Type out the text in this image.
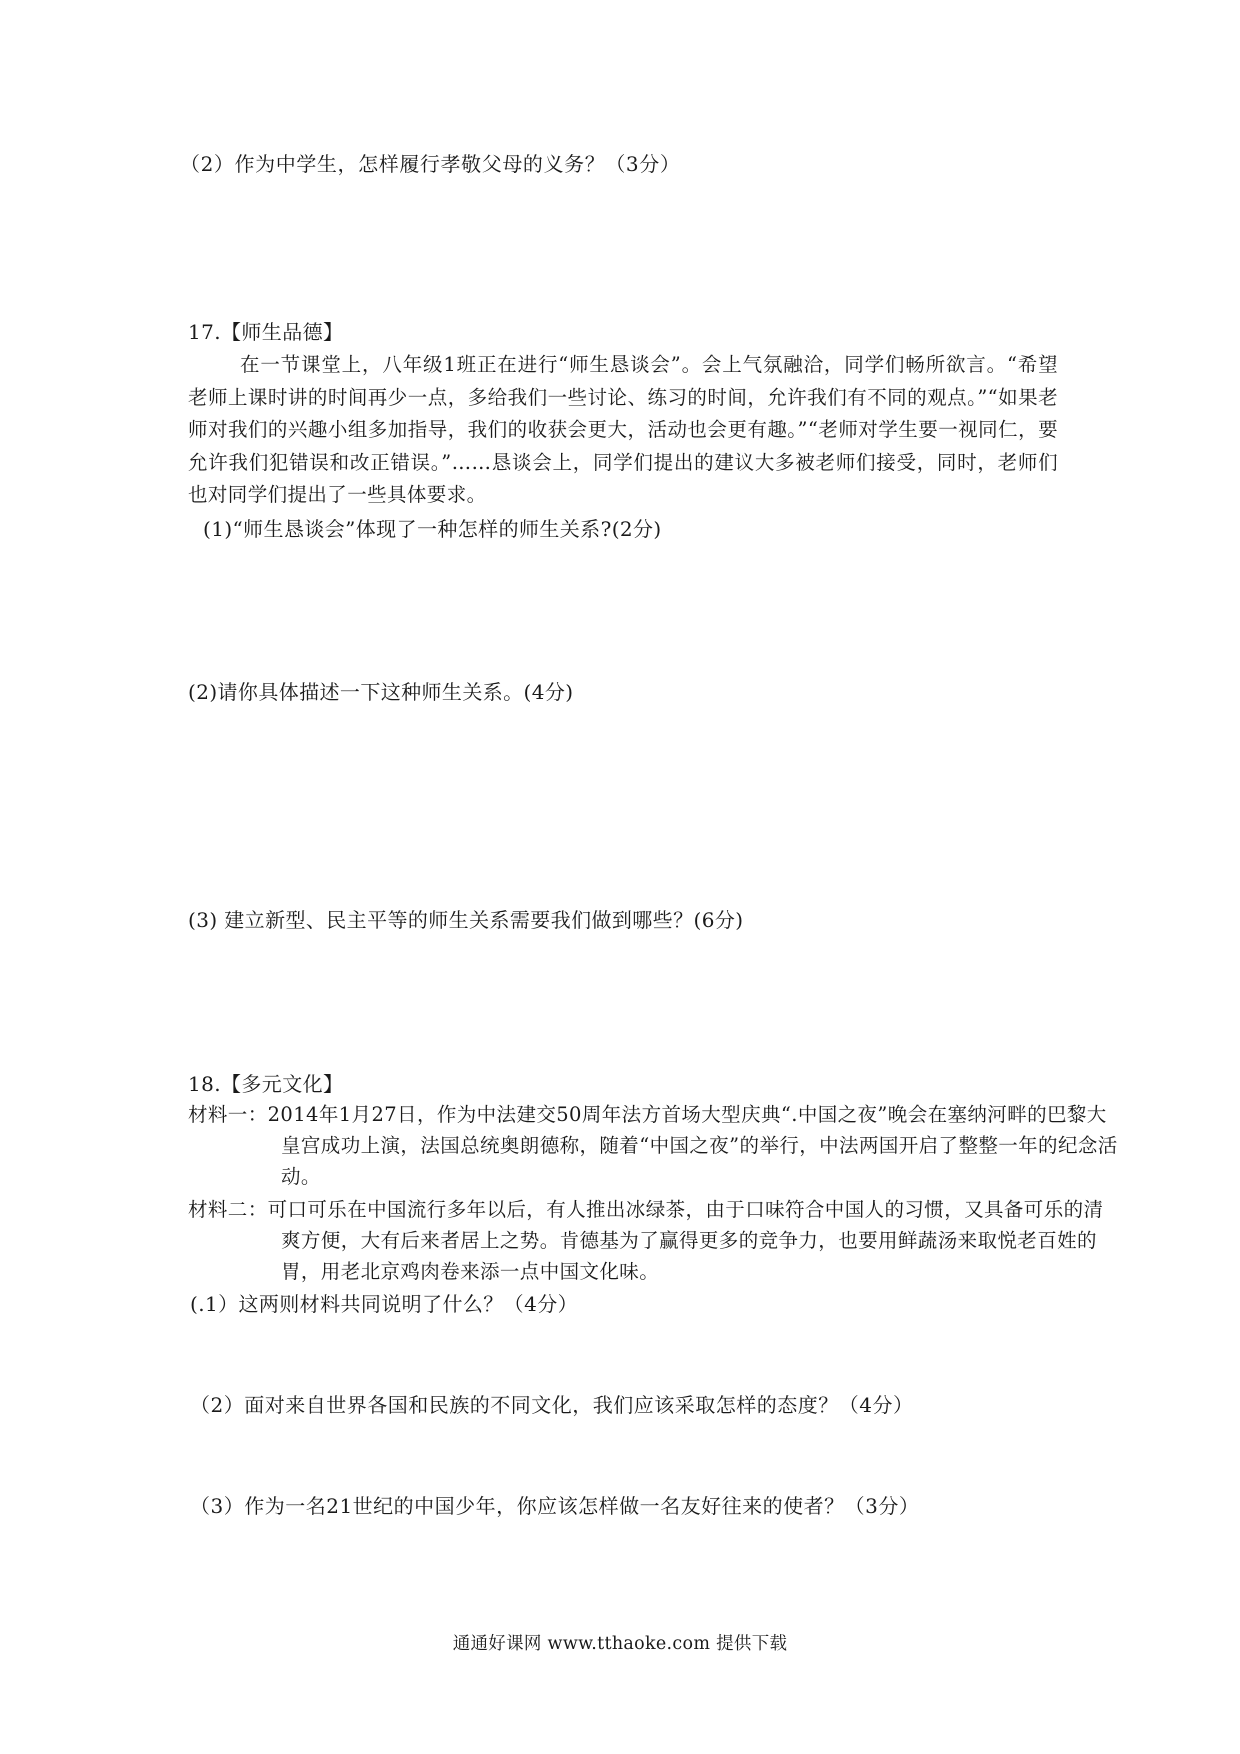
（2）作为中学生，怎样履行孝敬父母的义务？（3分）
17.【师生品德】
在一节课堂上，八年级1班正在进行“师生恳谈会”。会上气氛融洽，同学们畅所欲言。“希望老师上课时讲的时间再少一点，多给我们一些讨论、练习的时间，允许我们有不同的观点。”“如果老师对我们的兴趣小组多加指导，我们的收获会更大，活动也会更有趣。”“老师对学生要一视同仁，要允许我们犯错误和改正错误。”……恳谈会上，同学们提出的建议大多被老师们接受，同时，老师们也对同学们提出了一些具体要求。
(1)“师生恳谈会”体现了一种怎样的师生关系?(2分)
(2)请你具体描述一下这种师生关系。(4分)
(3) 建立新型、民主平等的师生关系需要我们做到哪些？(6分)
18.【多元文化】
材料一：2014年1月27日，作为中法建交50周年法方首场大型庆典“.中国之夜”晚会在塞纳河畔的巴黎大皇宫成功上演，法国总统奥朗德称，随着“中国之夜”的举行，中法两国开启了整整一年的纪念活动。
材料二：可口可乐在中国流行多年以后，有人推出冰绿茶，由于口味符合中国人的习惯，又具备可乐的清爽方便，大有后来者居上之势。肯德基为了赢得更多的竞争力，也要用鲜蔬汤来取悦老百姓的胃，用老北京鸡肉卷来添一点中国文化味。
(.1）这两则材料共同说明了什么？（4分）
（2）面对来自世界各国和民族的不同文化，我们应该采取怎样的态度？（4分）
（3）作为一名21世纪的中国少年，你应该怎样做一名友好往来的使者？（3分）
通通好课网 www.tthaoke.com 提供下载
